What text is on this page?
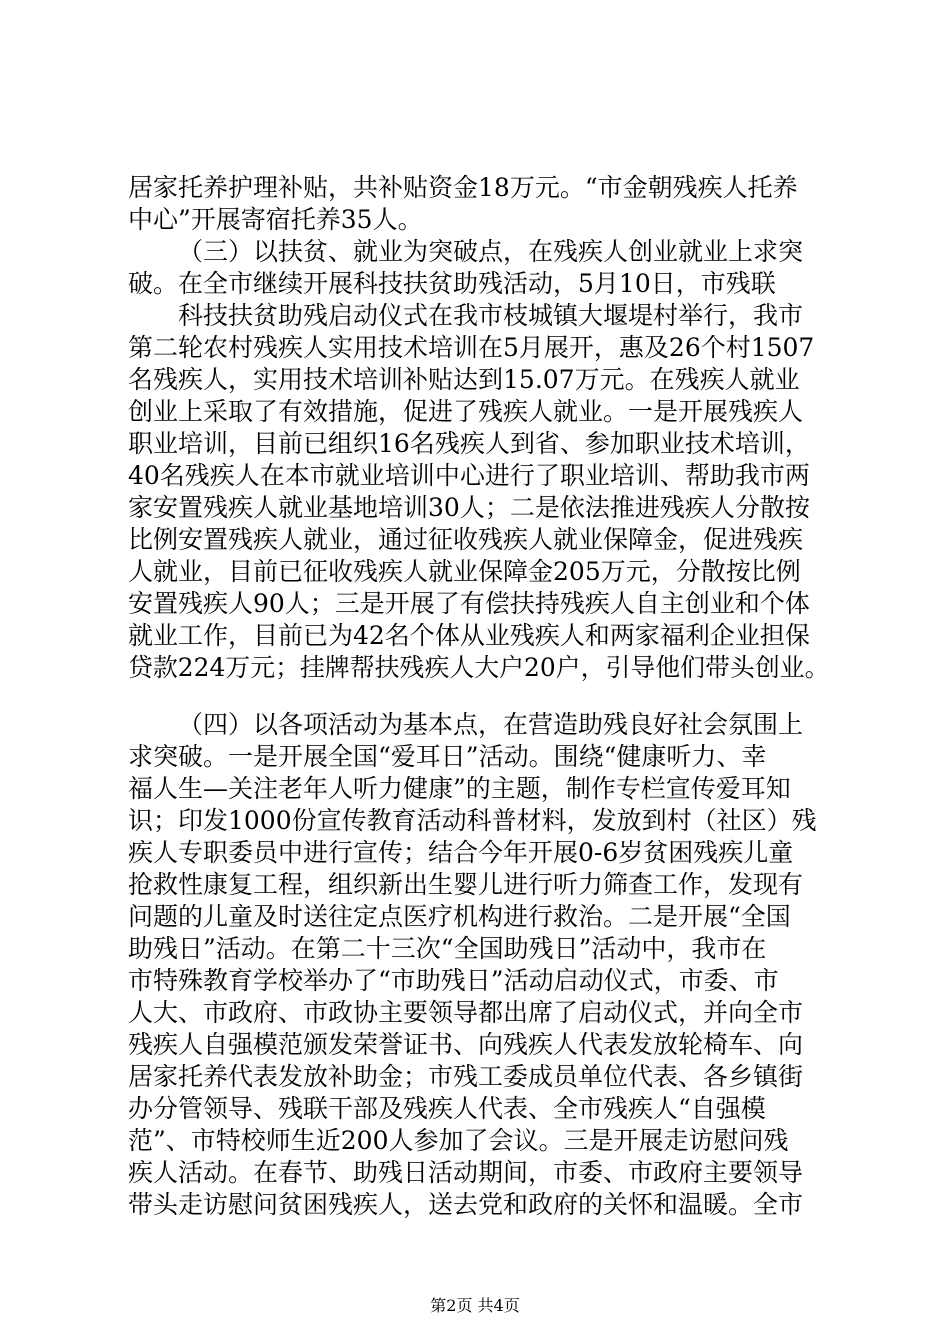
居家托养护理补贴，共补贴资金18万元。“市金朝残疾人托养
中心”开展寄宿托养35人。
（三）以扶贫、就业为突破点，在残疾人创业就业上求突
破。在全市继续开展科技扶贫助残活动，5月10日，市残联
科技扶贫助残启动仪式在我市枝城镇大堰堤村举行，我市
第二轮农村残疾人实用技术培训在5月展开，惠及26个村1507
名残疾人，实用技术培训补贴达到15.07万元。在残疾人就业
创业上采取了有效措施，促进了残疾人就业。一是开展残疾人
职业培训，目前已组织16名残疾人到省、参加职业技术培训，
40名残疾人在本市就业培训中心进行了职业培训、帮助我市两
家安置残疾人就业基地培训30人；二是依法推进残疾人分散按
比例安置残疾人就业，通过征收残疾人就业保障金，促进残疾
人就业，目前已征收残疾人就业保障金205万元，分散按比例
安置残疾人90人；三是开展了有偿扶持残疾人自主创业和个体
就业工作，目前已为42名个体从业残疾人和两家福利企业担保
贷款224万元；挂牌帮扶残疾人大户20户，引导他们带头创业。
（四）以各项活动为基本点，在营造助残良好社会氛围上
求突破。一是开展全国“爱耳日”活动。围绕“健康听力、幸
福人生—关注老年人听力健康”的主题，制作专栏宣传爱耳知
识；印发1000份宣传教育活动科普材料，发放到村（社区）残
疾人专职委员中进行宣传；结合今年开展0-6岁贫困残疾儿童
抢救性康复工程，组织新出生婴儿进行听力筛查工作，发现有
问题的儿童及时送往定点医疗机构进行救治。二是开展“全国
助残日”活动。在第二十三次“全国助残日”活动中，我市在
市特殊教育学校举办了“市助残日”活动启动仪式，市委、市
人大、市政府、市政协主要领导都出席了启动仪式，并向全市
残疾人自强模范颁发荣誉证书、向残疾人代表发放轮椅车、向
居家托养代表发放补助金；市残工委成员单位代表、各乡镇街
办分管领导、残联干部及残疾人代表、全市残疾人“自强模
范”、市特校师生近200人参加了会议。三是开展走访慰问残
疾人活动。在春节、助残日活动期间，市委、市政府主要领导
带头走访慰问贫困残疾人，送去党和政府的关怀和温暖。全市
第2页 共4页
